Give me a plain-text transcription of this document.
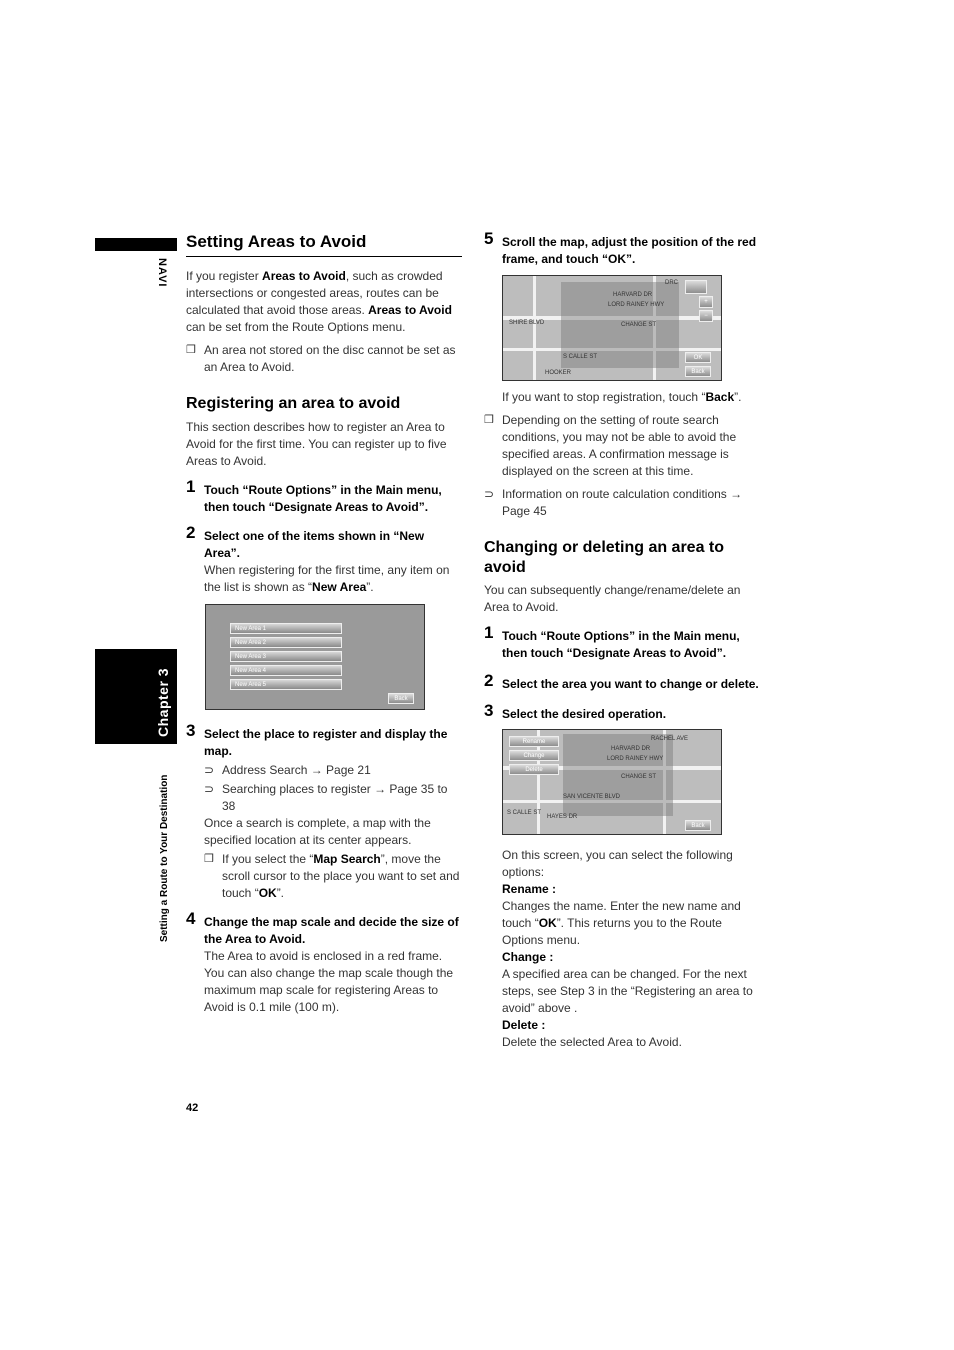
NAVI
Chapter 3
Setting a Route to Your Destination
Setting Areas to Avoid

If you register Areas to Avoid, such as crowded intersections or congested areas, routes can be calculated that avoid those areas. Areas to Avoid can be set from the Route Options menu.

❒ An area not stored on the disc cannot be set as an Area to Avoid.
Registering an area to avoid

This section describes how to register an Area to Avoid for the first time. You can register up to five Areas to Avoid.

1 Touch “Route Options” in the Main menu, then touch “Designate Areas to Avoid”.
2 Select one of the items shown in “New Area”.

When registering for the first time, any item on the list is shown as “New Area”.

New Area 1
New Area 2
New Area 3
New Area 4
New Area 5
Back
3 Select the place to register and display the map.
⊃ Address Search → Page 21
⊃ Searching places to register → Page 35 to 38

Once a search is complete, a map with the specified location at its center appears.

❒ If you select the “Map Search”, move the scroll cursor to the place you want to set and touch “OK”.
4 Change the map scale and decide the size of the Area to Avoid.

The Area to avoid is enclosed in a red frame. You can also change the map scale though the maximum map scale for registering Areas to Avoid is 0.1 mile (100 m).

5 Scroll the map, adjust the position of the red frame, and touch “OK”.
HARVARD DR
LORD RAINEY HWY
CHANGE ST
SHIRE BLVD
S CALLE ST
HOOKER
DRC
+
−
OK
Back

If you want to stop registration, touch “Back”.

❒ Depending on the setting of route search conditions, you may not be able to avoid the specified areas. A confirmation message is displayed on the screen at this time.
⊃ Information on route calculation conditions → Page 45
Changing or deleting an area to avoid

You can subsequently change/rename/delete an Area to Avoid.

1 Touch “Route Options” in the Main menu, then touch “Designate Areas to Avoid”.
2 Select the area you want to change or delete.
3 Select the desired operation.
RACHEL AVE
HARVARD DR
LORD RAINEY HWY
CHANGE ST
SAN VICENTE BLVD
HAYES DR
S CALLE ST
Rename
Change
Delete
Back

On this screen, you can select the following options:

Rename :

Changes the name. Enter the new name and touch “OK”. This returns you to the Route Options menu.

Change :

A specified area can be changed. For the next steps, see Step 3 in the “Registering an area to avoid” above .

Delete :

Delete the selected Area to Avoid.

42
